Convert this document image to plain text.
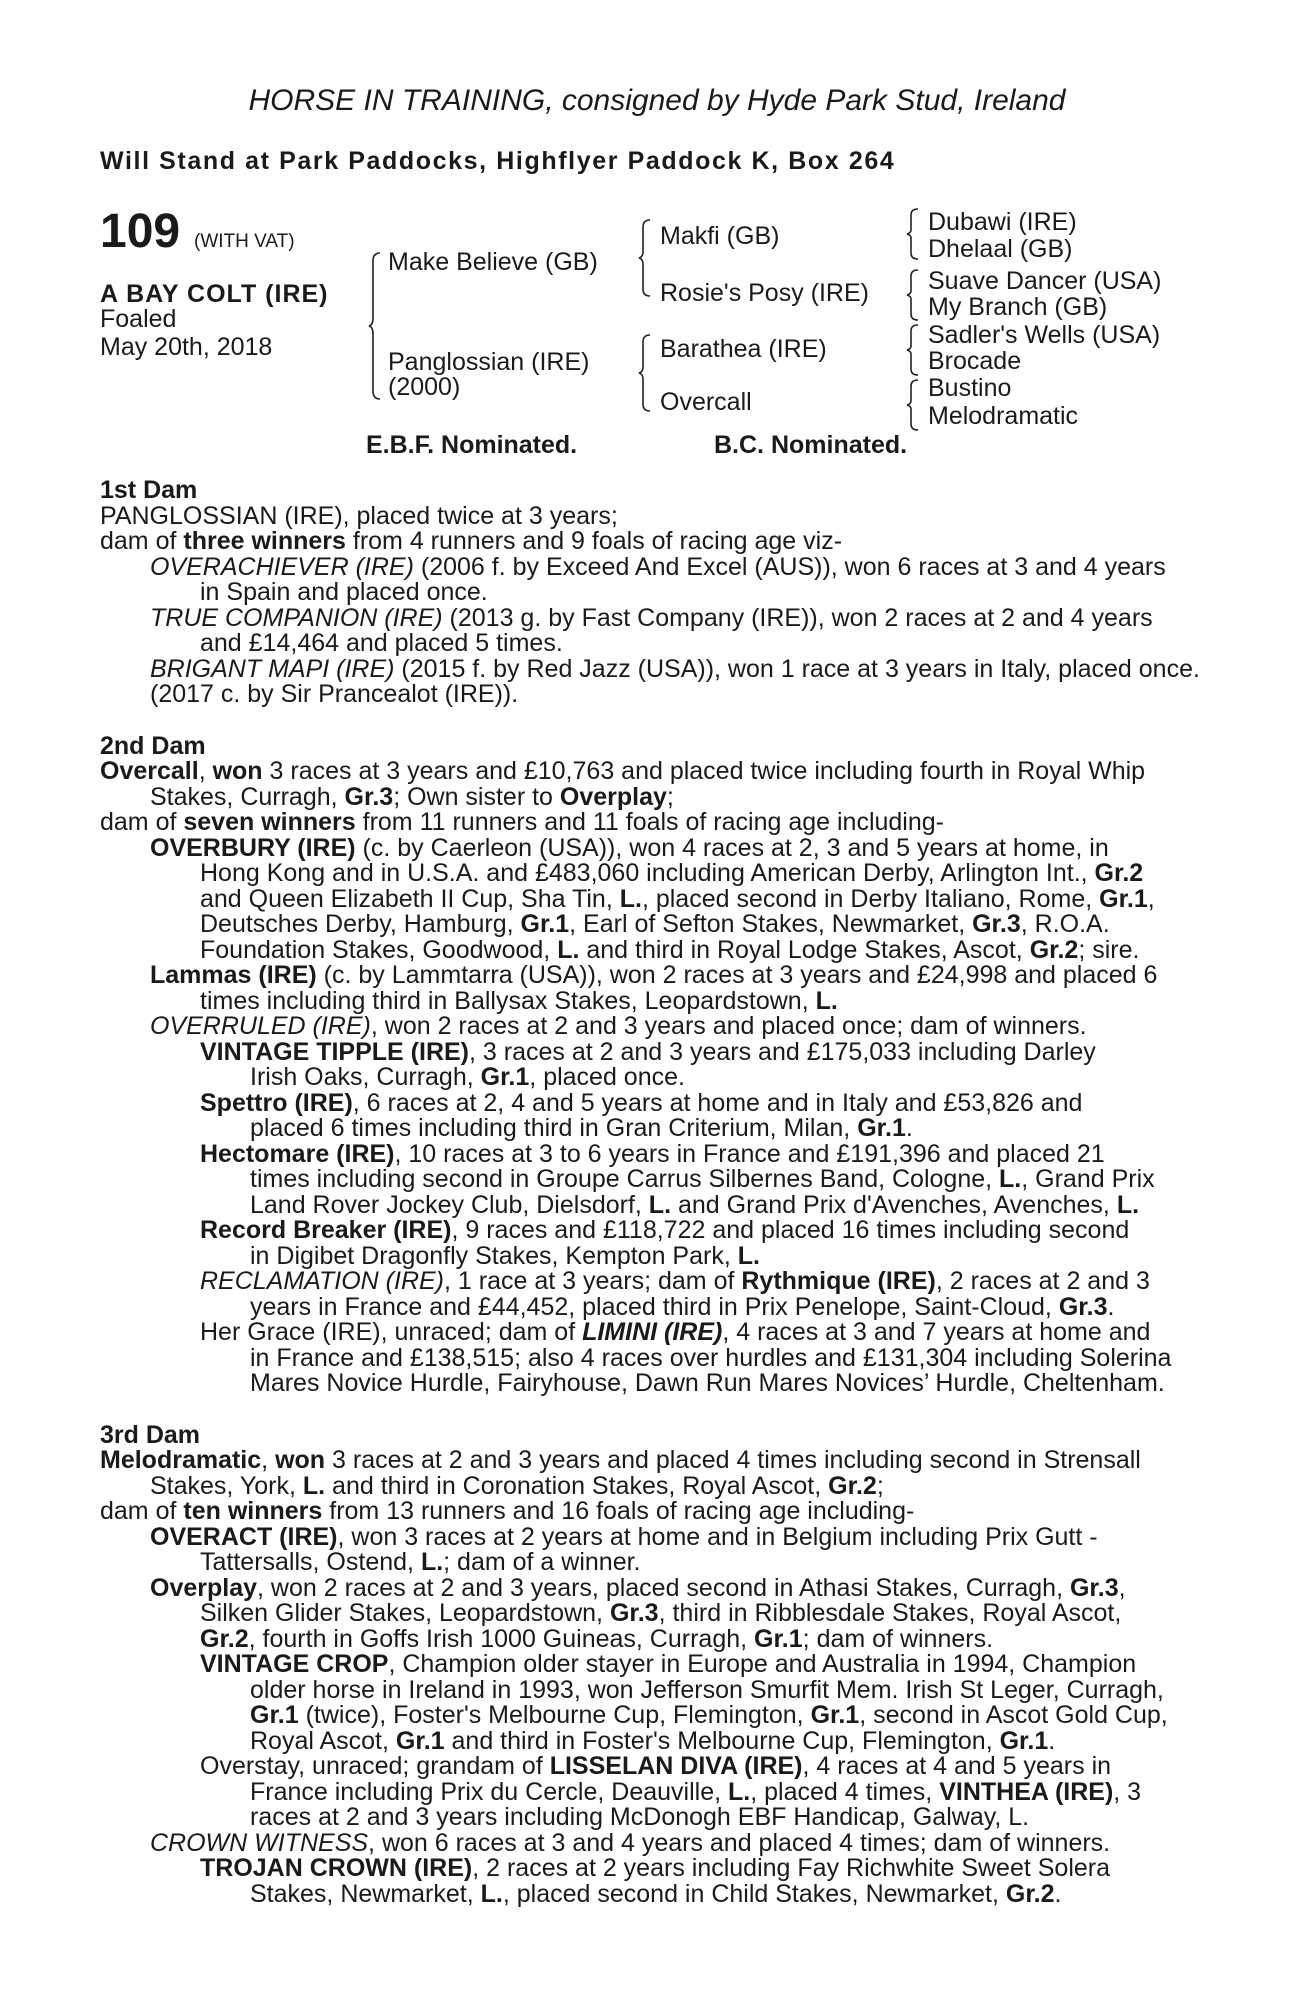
HORSE IN TRAINING, consigned by Hyde Park Stud, Ireland
Will Stand at Park Paddocks, Highflyer Paddock K, Box 264
109 (WITH VAT)
A BAY COLT (IRE)
Foaled
May 20th, 2018
Make Believe (GB)
Panglossian (IRE)
(2000)
Makfi (GB)
Rosie's Posy (IRE)
Barathea (IRE)
Overcall
Dubawi (IRE)
Dhelaal (GB)
Suave Dancer (USA)
My Branch (GB)
Sadler's Wells (USA)
Brocade
Bustino
Melodramatic
E.B.F. Nominated.	B.C. Nominated.

1st Dam

PANGLOSSIAN (IRE), placed twice at 3 years;

dam of three winners from 4 runners and 9 foals of racing age viz-

OVERACHIEVER (IRE) (2006 f. by Exceed And Excel (AUS)), won 6 races at 3 and 4 years

in Spain and placed once.

TRUE COMPANION (IRE) (2013 g. by Fast Company (IRE)), won 2 races at 2 and 4 years

and £14,464 and placed 5 times.

BRIGANT MAPI (IRE) (2015 f. by Red Jazz (USA)), won 1 race at 3 years in Italy, placed once.

(2017 c. by Sir Prancealot (IRE)).

2nd Dam

Overcall, won 3 races at 3 years and £10,763 and placed twice including fourth in Royal Whip

Stakes, Curragh, Gr.3; Own sister to Overplay;

dam of seven winners from 11 runners and 11 foals of racing age including-

OVERBURY (IRE) (c. by Caerleon (USA)), won 4 races at 2, 3 and 5 years at home, in

Hong Kong and in U.S.A. and £483,060 including American Derby, Arlington Int., Gr.2

and Queen Elizabeth II Cup, Sha Tin, L., placed second in Derby Italiano, Rome, Gr.1,

Deutsches Derby, Hamburg, Gr.1, Earl of Sefton Stakes, Newmarket, Gr.3, R.O.A.

Foundation Stakes, Goodwood, L. and third in Royal Lodge Stakes, Ascot, Gr.2; sire.

Lammas (IRE) (c. by Lammtarra (USA)), won 2 races at 3 years and £24,998 and placed 6

times including third in Ballysax Stakes, Leopardstown, L.

OVERRULED (IRE), won 2 races at 2 and 3 years and placed once; dam of winners.

VINTAGE TIPPLE (IRE), 3 races at 2 and 3 years and £175,033 including Darley

Irish Oaks, Curragh, Gr.1, placed once.

Spettro (IRE), 6 races at 2, 4 and 5 years at home and in Italy and £53,826 and

placed 6 times including third in Gran Criterium, Milan, Gr.1.

Hectomare (IRE), 10 races at 3 to 6 years in France and £191,396 and placed 21

times including second in Groupe Carrus Silbernes Band, Cologne, L., Grand Prix

Land Rover Jockey Club, Dielsdorf, L. and Grand Prix d'Avenches, Avenches, L.

Record Breaker (IRE), 9 races and £118,722 and placed 16 times including second

in Digibet Dragonfly Stakes, Kempton Park, L.

RECLAMATION (IRE), 1 race at 3 years; dam of Rythmique (IRE), 2 races at 2 and 3

years in France and £44,452, placed third in Prix Penelope, Saint-Cloud, Gr.3.

Her Grace (IRE), unraced; dam of LIMINI (IRE), 4 races at 3 and 7 years at home and

in France and £138,515; also 4 races over hurdles and £131,304 including Solerina

Mares Novice Hurdle, Fairyhouse, Dawn Run Mares Novices’ Hurdle, Cheltenham.

3rd Dam

Melodramatic, won 3 races at 2 and 3 years and placed 4 times including second in Strensall

Stakes, York, L. and third in Coronation Stakes, Royal Ascot, Gr.2;

dam of ten winners from 13 runners and 16 foals of racing age including-

OVERACT (IRE), won 3 races at 2 years at home and in Belgium including Prix Gutt -

Tattersalls, Ostend, L.; dam of a winner.

Overplay, won 2 races at 2 and 3 years, placed second in Athasi Stakes, Curragh, Gr.3,

Silken Glider Stakes, Leopardstown, Gr.3, third in Ribblesdale Stakes, Royal Ascot,

Gr.2, fourth in Goffs Irish 1000 Guineas, Curragh, Gr.1; dam of winners.

VINTAGE CROP, Champion older stayer in Europe and Australia in 1994, Champion

older horse in Ireland in 1993, won Jefferson Smurfit Mem. Irish St Leger, Curragh,

Gr.1 (twice), Foster's Melbourne Cup, Flemington, Gr.1, second in Ascot Gold Cup,

Royal Ascot, Gr.1 and third in Foster's Melbourne Cup, Flemington, Gr.1.

Overstay, unraced; grandam of LISSELAN DIVA (IRE), 4 races at 4 and 5 years in

France including Prix du Cercle, Deauville, L., placed 4 times, VINTHEA (IRE), 3

races at 2 and 3 years including McDonogh EBF Handicap, Galway, L.

CROWN WITNESS, won 6 races at 3 and 4 years and placed 4 times; dam of winners.

TROJAN CROWN (IRE), 2 races at 2 years including Fay Richwhite Sweet Solera

Stakes, Newmarket, L., placed second in Child Stakes, Newmarket, Gr.2.
